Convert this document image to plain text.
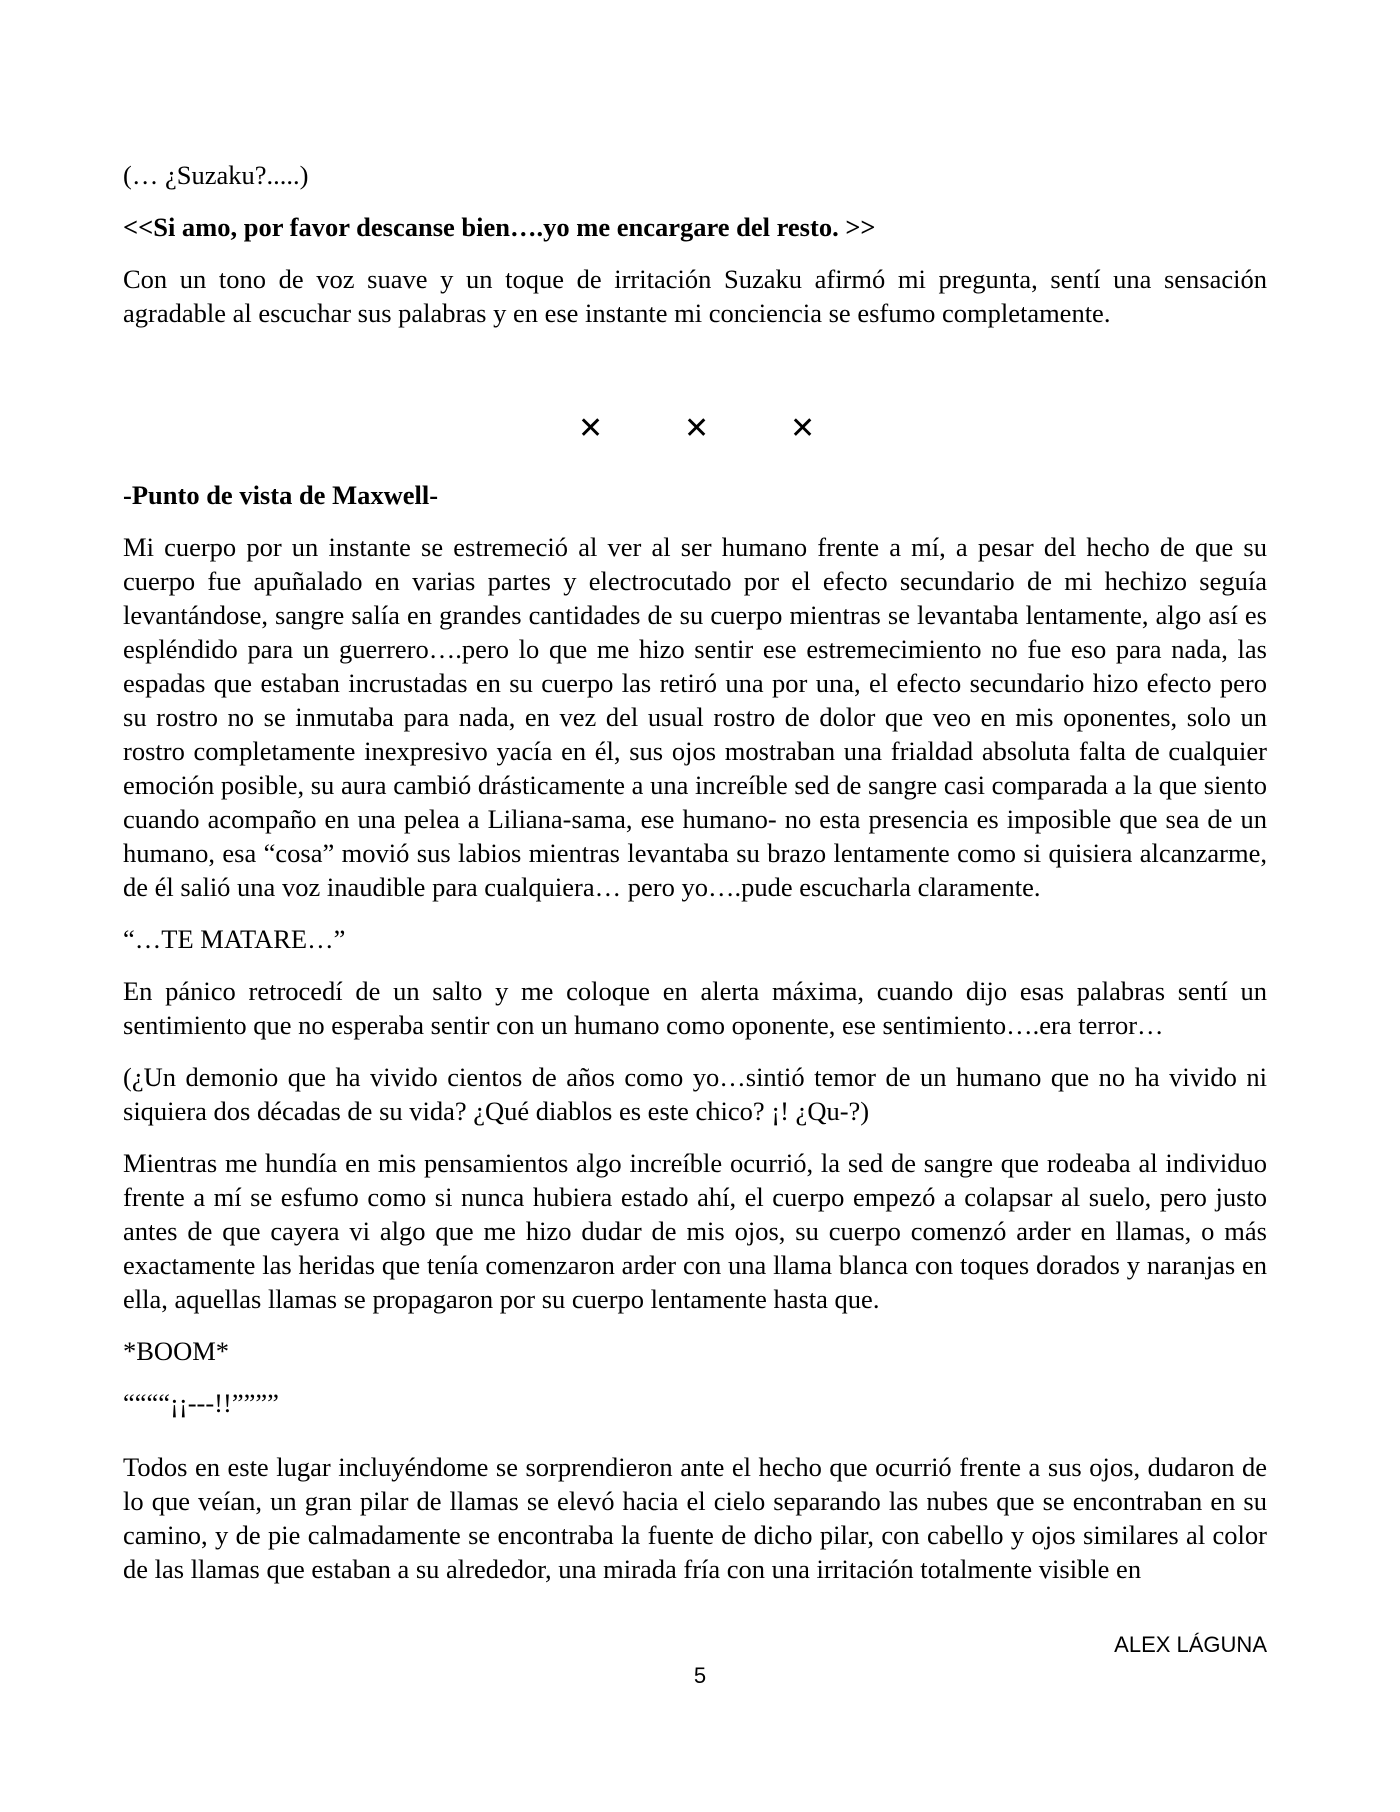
(… ¿Suzaku?.....)

<<Si amo, por favor descanse bien….yo me encargare del resto. >>

Con un tono de voz suave y un toque de irritación Suzaku afirmó mi pregunta, sentí una sensación agradable al escuchar sus palabras y en ese instante mi conciencia se esfumo completamente.

✕	✕	✕

-Punto de vista de Maxwell-

Mi cuerpo por un instante se estremeció al ver al ser humano frente a mí, a pesar del hecho de que su cuerpo fue apuñalado en varias partes y electrocutado por el efecto secundario de mi hechizo seguía levantándose, sangre salía en grandes cantidades de su cuerpo mientras se levantaba lentamente, algo así es espléndido para un guerrero….pero lo que me hizo sentir ese estremecimiento no fue eso para nada, las espadas que estaban incrustadas en su cuerpo las retiró una por una, el efecto secundario hizo efecto pero su rostro no se inmutaba para nada, en vez del usual rostro de dolor que veo en mis oponentes, solo un rostro completamente inexpresivo yacía en él, sus ojos mostraban una frialdad absoluta falta de cualquier emoción posible, su aura cambió drásticamente a una increíble sed de sangre casi comparada a la que siento cuando acompaño en una pelea a Liliana-sama, ese humano- no esta presencia es imposible que sea de un humano, esa “cosa” movió sus labios mientras levantaba su brazo lentamente como si quisiera alcanzarme, de él salió una voz inaudible para cualquiera… pero yo….pude escucharla claramente.

“…TE MATARE…”

En pánico retrocedí de un salto y me coloque en alerta máxima, cuando dijo esas palabras sentí un sentimiento que no esperaba sentir con un humano como oponente, ese sentimiento….era terror…

(¿Un demonio que ha vivido cientos de años como yo…sintió temor de un humano que no ha vivido ni siquiera dos décadas de su vida? ¿Qué diablos es este chico? ¡! ¿Qu-?)

Mientras me hundía en mis pensamientos algo increíble ocurrió, la sed de sangre que rodeaba al individuo frente a mí se esfumo como si nunca hubiera estado ahí, el cuerpo empezó a colapsar al suelo, pero justo antes de que cayera vi algo que me hizo dudar de mis ojos, su cuerpo comenzó arder en llamas, o más exactamente las heridas que tenía comenzaron arder con una llama blanca con toques dorados y naranjas en ella, aquellas llamas se propagaron por su cuerpo lentamente hasta que.

*BOOM*

““““¡¡---!!””””

Todos en este lugar incluyéndome se sorprendieron ante el hecho que ocurrió frente a sus ojos, dudaron de lo que veían, un gran pilar de llamas se elevó hacia el cielo separando las nubes que se encontraban en su camino, y de pie calmadamente se encontraba la fuente de dicho pilar, con cabello y ojos similares al color de las llamas que estaban a su alrededor, una mirada fría con una irritación totalmente visible en

ALEX LÁGUNA
5
